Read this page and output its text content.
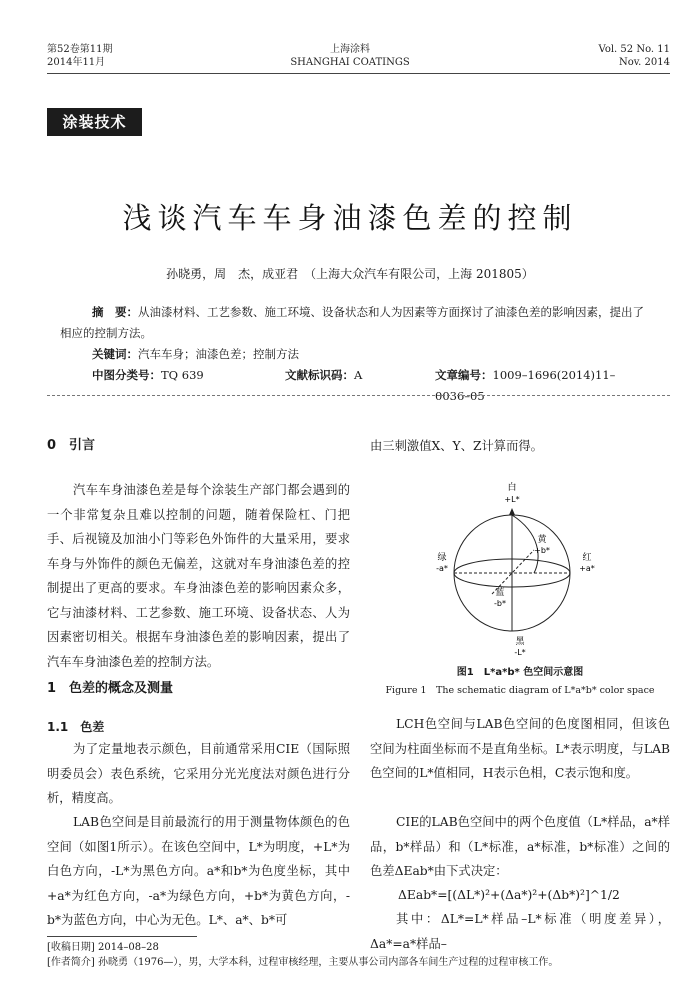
第52卷第11期
2014年11月
上海涂料
SHANGHAI COATINGS
Vol. 52 No. 11
Nov. 2014
涂装技术
浅谈汽车车身油漆色差的控制
孙晓勇，周　杰，成亚君　（上海大众汽车有限公司，上海 201805）
摘　要：从油漆材料、工艺参数、施工环境、设备状态和人为因素等方面探讨了油漆色差的影响因素，提出了相应的控制方法。
关键词：汽车车身；油漆色差；控制方法
中图分类号：TQ 639	文献标识码：A	文章编号：1009–1696(2014)11–0036–05
0　引言
汽车车身油漆色差是每个涂装生产部门都会遇到的一个非常复杂且难以控制的问题，随着保险杠、门把手、后视镜及加油小门等彩色外饰件的大量采用，要求车身与外饰件的颜色无偏差，这就对车身油漆色差的控制提出了更高的要求。车身油漆色差的影响因素众多，它与油漆材料、工艺参数、施工环境、设备状态、人为因素密切相关。根据车身油漆色差的影响因素，提出了汽车车身油漆色差的控制方法。
1　色差的概念及测量
1.1　色差
为了定量地表示颜色，目前通常采用CIE（国际照明委员会）表色系统，它采用分光光度法对颜色进行分析，精度高。
LAB色空间是目前最流行的用于测量物体颜色的色空间（如图1所示）。在该色空间中，L*为明度，+L*为白色方向，-L*为黑色方向。a*和b*为色度坐标，其中+a*为红色方向，-a*为绿色方向，+b*为黄色方向，-b*为蓝色方向，中心为无色。L*、a*、b*可
由三刺激值X、Y、Z计算而得。
白
+L*
黄
+b*
绿
-a*
红
+a*
蓝
-b*
黑
-L*
图1　L*a*b* 色空间示意图
Figure 1　The schematic diagram of L*a*b* color space
LCH色空间与LAB色空间的色度图相同，但该色空间为柱面坐标而不是直角坐标。L*表示明度，与LAB色空间的L*值相同，H表示色相，C表示饱和度。
CIE的LAB色空间中的两个色度值（L*样品，a*样品，b*样品）和（L*标准，a*标准，b*标准）之间的色差ΔEab*由下式决定：
ΔEab*=[(ΔL*)²+(Δa*)²+(Δb*)²]^1/2
其中：ΔL*=L*样品–L*标准（明度差异），Δa*=a*样品–
[收稿日期] 2014–08–28
[作者简介] 孙晓勇（1976—），男，大学本科，过程审核经理，主要从事公司内部各车间生产过程的过程审核工作。
